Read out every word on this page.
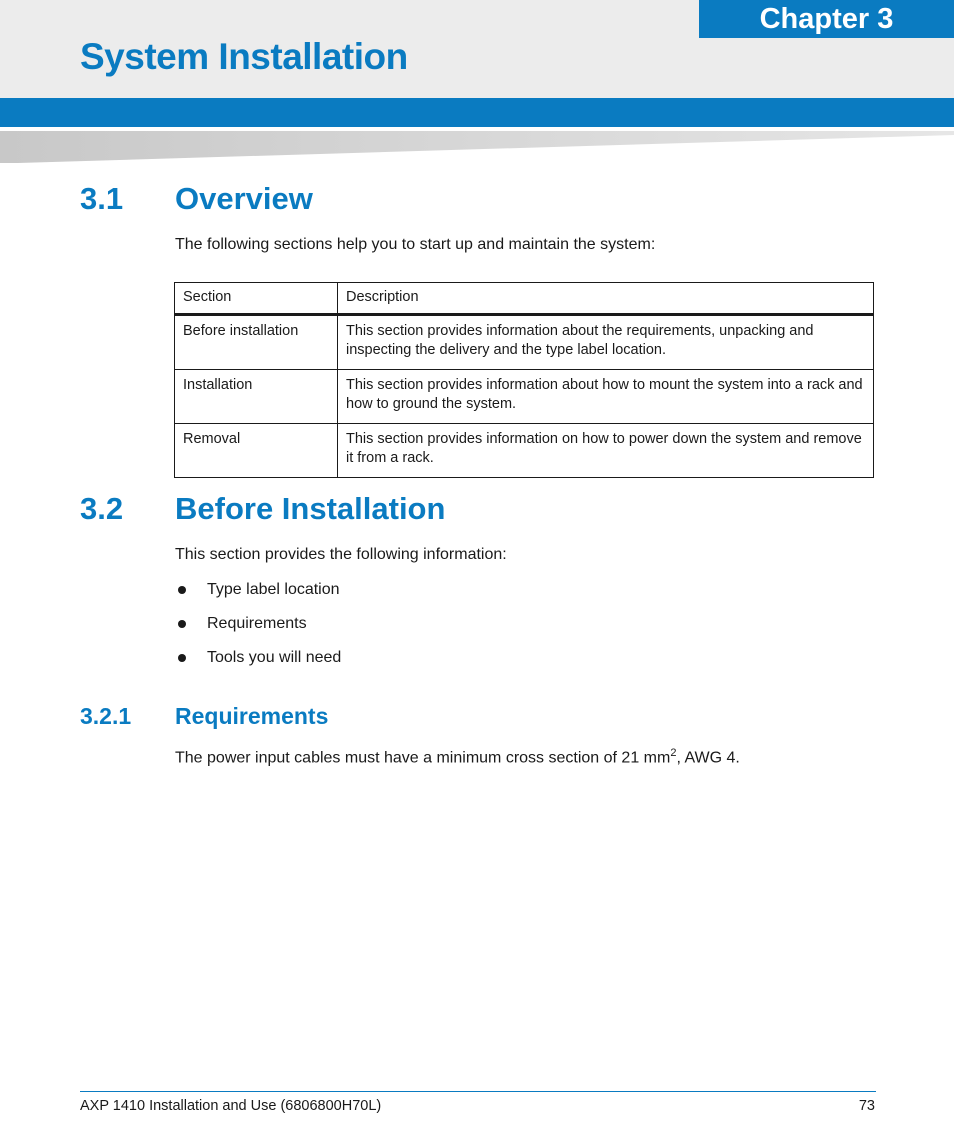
Chapter 3
System Installation
3.1 Overview

The following sections help you to start up and maintain the system:

Section	Description
Before installation	This section provides information about the requirements, unpacking and inspecting the delivery and the type label location.
Installation	This section provides information about how to mount the system into a rack and how to ground the system.
Removal	This section provides information on how to power down the system and remove it from a rack.
3.2 Before Installation

This section provides the following information:

Type label location
Requirements
Tools you will need
3.2.1 Requirements

The power input cables must have a minimum cross section of 21 $mm^2$, AWG 4.

AXP 1410 Installation and Use (6806800H70L)	73
